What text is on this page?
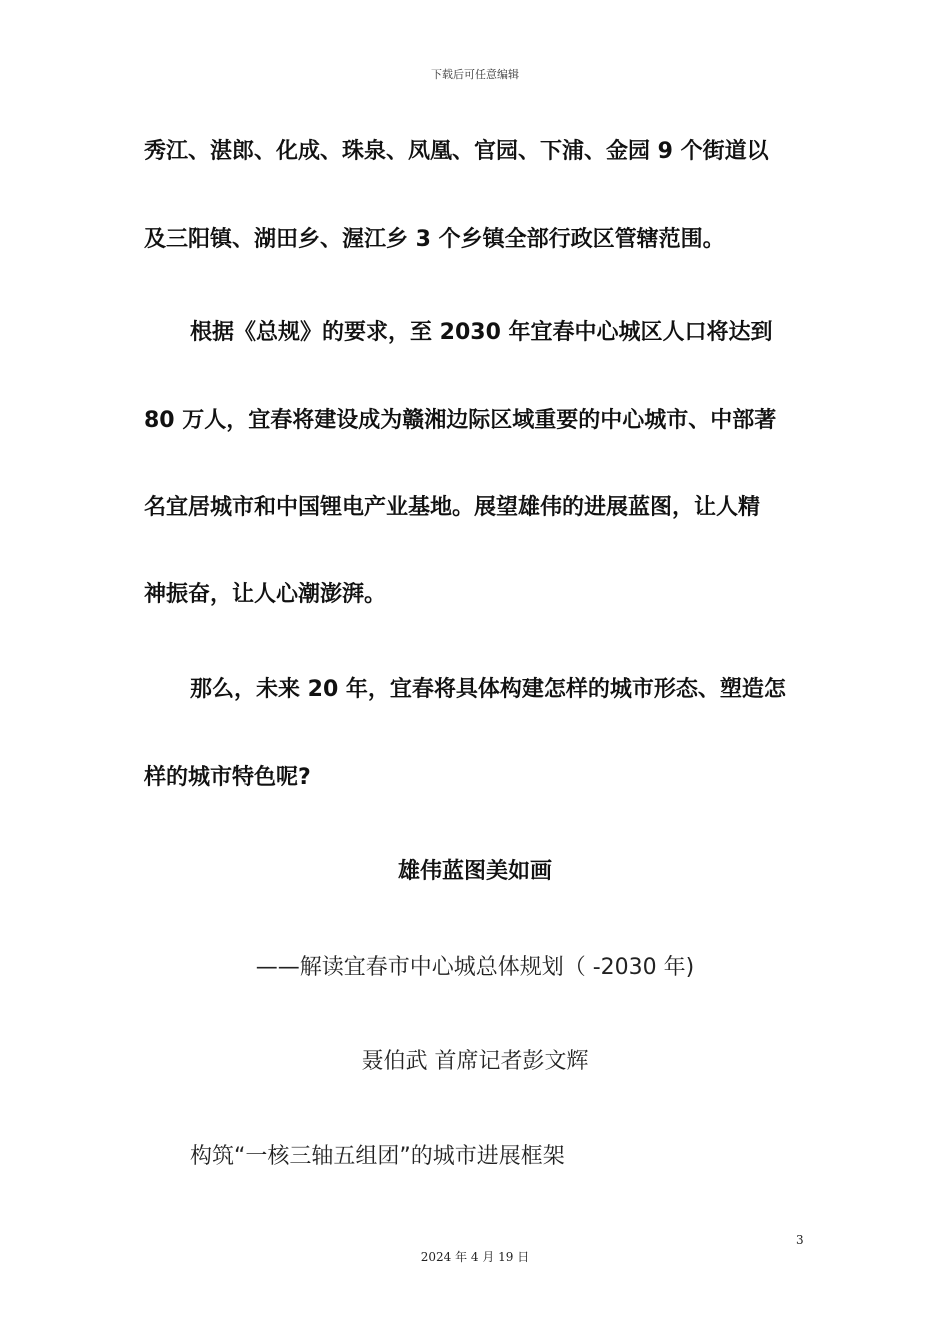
下载后可任意编辑
秀江、湛郎、化成、珠泉、凤凰、官园、下浦、金园 9 个街道以
及三阳镇、湖田乡、渥江乡 3 个乡镇全部行政区管辖范围。
根据《总规》的要求，至 2030 年宜春中心城区人口将达到
80 万人，宜春将建设成为赣湘边际区域重要的中心城市、中部著
名宜居城市和中国锂电产业基地。展望雄伟的进展蓝图，让人精
神振奋，让人心潮澎湃。
那么，未来 20 年，宜春将具体构建怎样的城市形态、塑造怎
样的城市特色呢?
雄伟蓝图美如画
——解读宜春市中心城总体规划（ -2030 年)
聂伯武 首席记者彭文辉
构筑“一核三轴五组团”的城市进展框架
3
2024 年 4 月 19 日
